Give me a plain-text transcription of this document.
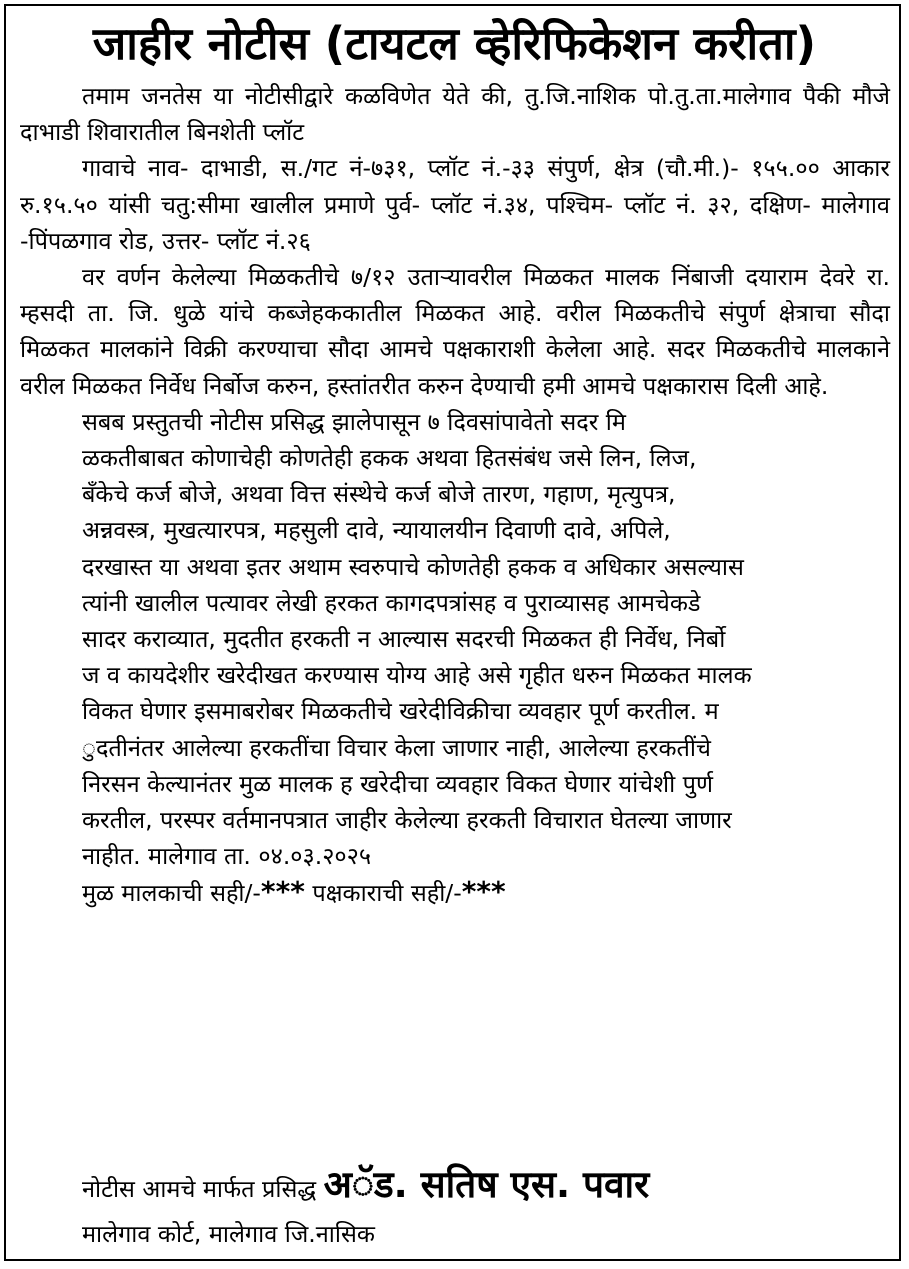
जाहीर नोटीस (टायटल व्हेरिफिकेशन करीता)

तमाम जनतेस या नोटीसीद्वारे कळविणेत येते की, तु.जि.नाशिक पो.तु.ता.मालेगाव पैकी मौजे दाभाडी शिवारातील बिनशेती प्लॉट

गावाचे नाव- दाभाडी, स./गट नं-७३१, प्लॉट नं.-३३ संपुर्ण, क्षेत्र (चौ.मी.)- १५५.०० आकार रु.१५.५० यांसी चतु:सीमा खालील प्रमाणे पुर्व- प्लॉट नं.३४, पश्चिम- प्लॉट नं. ३२, दक्षिण- मालेगाव -पिंपळगाव रोड, उत्तर- प्लॉट नं.२६

वर वर्णन केलेल्या मिळकतीचे ७/१२ उताऱ्यावरील मिळकत मालक निंबाजी दयाराम देवरे रा. म्हसदी ता. जि. धुळे यांचे कब्जेहककातील मिळकत आहे. वरील मिळकतीचे संपुर्ण क्षेत्राचा सौदा मिळकत मालकांने विक्री करण्याचा सौदा आमचे पक्षकाराशी केलेला आहे. सदर मिळकतीचे मालकाने वरील मिळकत निर्वेध निर्बोज करुन, हस्तांतरीत करुन देण्याची हमी आमचे पक्षकारास दिली आहे.

सबब प्रस्तुतची नोटीस प्रसिद्ध झालेपासून ७ दिवसांपावेतो सदर मि
ळकतीबाबत कोणाचेही कोणतेही हकक अथवा हितसंबंध जसे लिन, लिज,
बँकेचे कर्ज बोजे, अथवा वित्त संस्थेचे कर्ज बोजे तारण, गहाण, मृत्युपत्र,
अन्नवस्त्र, मुखत्यारपत्र, महसुली दावे, न्यायालयीन दिवाणी दावे, अपिले,
दरखास्त या अथवा इतर अथाम स्वरुपाचे कोणतेही हकक व अधिकार असल्यास
त्यांनी खालील पत्यावर लेखी हरकत कागदपत्रांसह व पुराव्यासह आमचेकडे
सादर कराव्यात, मुदतीत हरकती न आल्यास सदरची मिळकत ही निर्वेध, निर्बो
ज व कायदेशीर खरेदीखत करण्यास योग्य आहे असे गृहीत धरुन मिळकत मालक
विकत घेणार इसमाबरोबर मिळकतीचे खरेदीविक्रीचा व्यवहार पूर्ण करतील. म
ुदतीनंतर आलेल्या हरकतींचा विचार केला जाणार नाही, आलेल्या हरकतींचे
निरसन केल्यानंतर मुळ मालक ह खरेदीचा व्यवहार विकत घेणार यांचेशी पुर्ण
करतील, परस्पर वर्तमानपत्रात जाहीर केलेल्या हरकती विचारात घेतल्या जाणार
नाहीत. मालेगाव ता. ०४.०३.२०२५

मुळ मालकाची सही/-*** पक्षकाराची सही/-***
नोटीस आमचे मार्फत प्रसिद्ध अॅड. सतिष एस. पवार
मालेगाव कोर्ट, मालेगाव जि.नासिक
